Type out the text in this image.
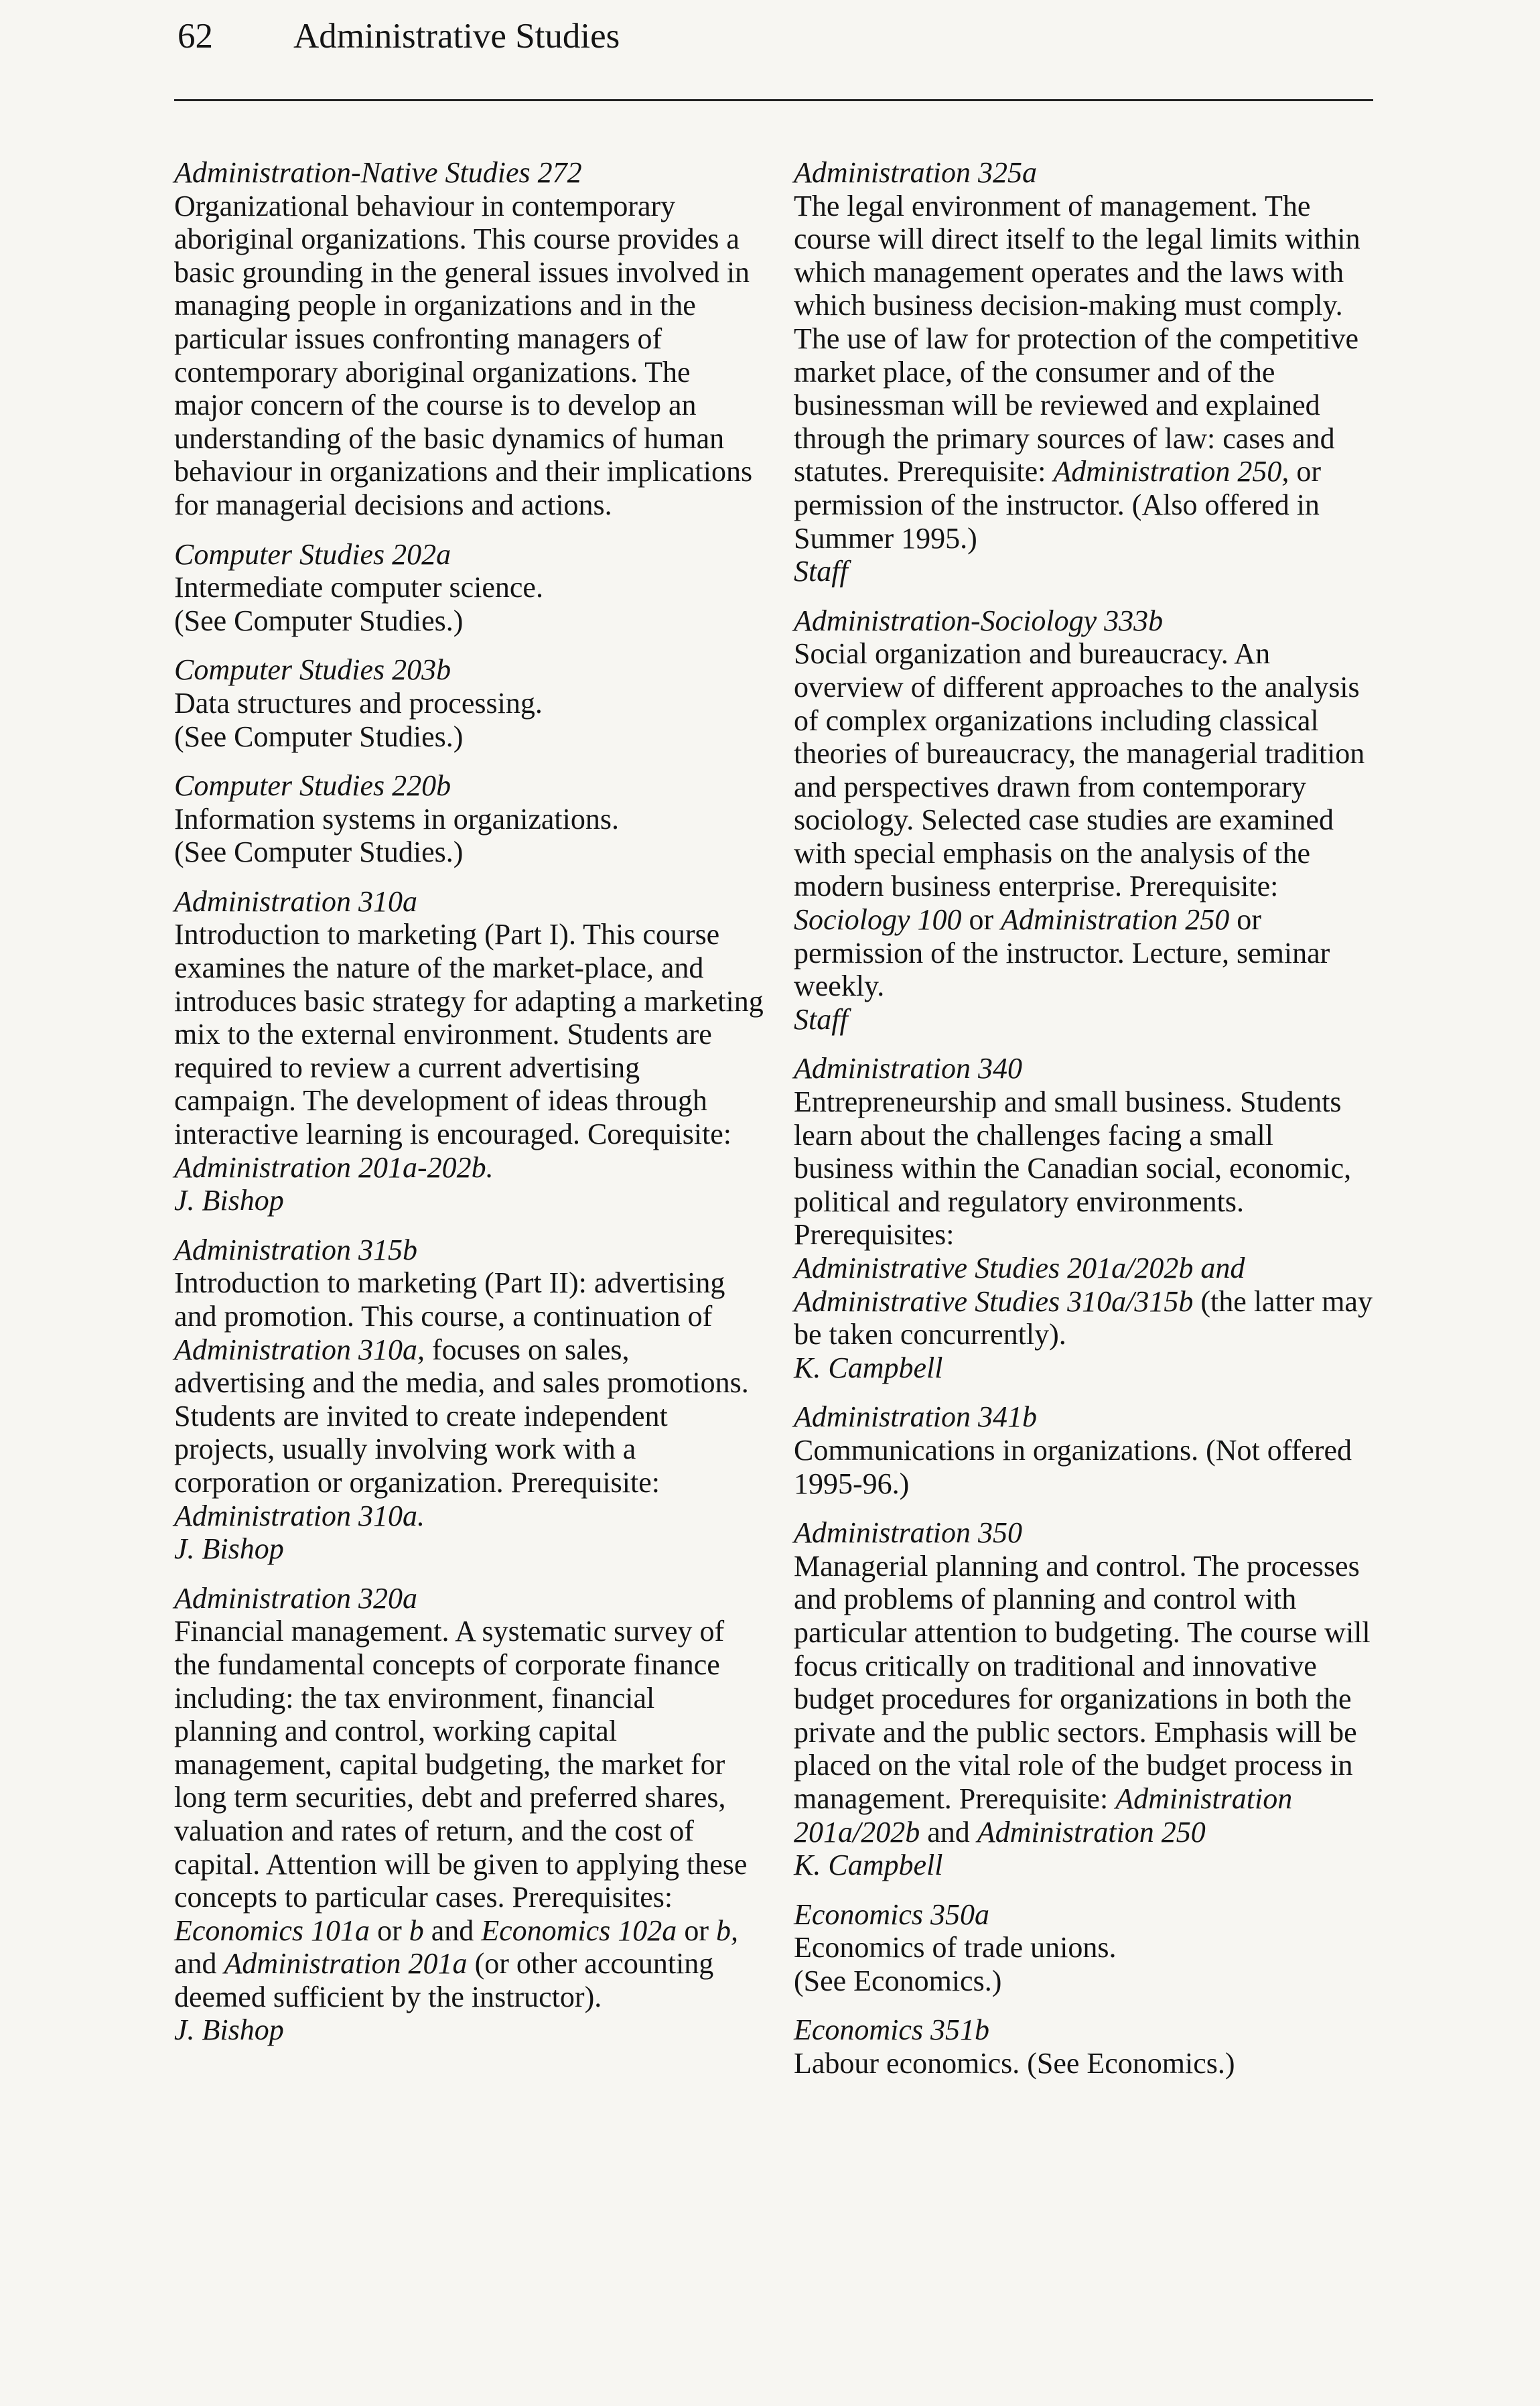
62 Administrative Studies
Administration-Native Studies 272
Organizational behaviour in contemporary aboriginal organizations. This course provides a basic grounding in the general issues involved in managing people in organizations and in the particular issues confronting managers of contemporary aboriginal organizations. The major concern of the course is to develop an understanding of the basic dynamics of human behaviour in organizations and their implications for managerial decisions and actions.
Computer Studies 202a
Intermediate computer science.
(See Computer Studies.)
Computer Studies 203b
Data structures and processing.
(See Computer Studies.)
Computer Studies 220b
Information systems in organizations.
(See Computer Studies.)
Administration 310a
Introduction to marketing (Part I). This course examines the nature of the market-place, and introduces basic strategy for adapting a marketing mix to the external environment. Students are required to review a current advertising campaign. The development of ideas through interactive learning is encouraged. Corequisite: Administration 201a-202b.
J. Bishop
Administration 315b
Introduction to marketing (Part II): advertising and promotion. This course, a continuation of Administration 310a, focuses on sales, advertising and the media, and sales promotions. Students are invited to create independent projects, usually involving work with a corporation or organization. Prerequisite:
Administration 310a.
J. Bishop
Administration 320a
Financial management. A systematic survey of the fundamental concepts of corporate finance including: the tax environment, financial planning and control, working capital management, capital budgeting, the market for long term securities, debt and preferred shares, valuation and rates of return, and the cost of capital. Attention will be given to applying these concepts to particular cases. Prerequisites: Economics 101a or b and Economics 102a or b, and Administration 201a (or other accounting deemed sufficient by the instructor).
J. Bishop
Administration 325a
The legal environment of management. The course will direct itself to the legal limits within which management operates and the laws with which business decision-making must comply. The use of law for protection of the competitive market place, of the consumer and of the businessman will be reviewed and explained through the primary sources of law: cases and statutes. Prerequisite: Administration 250, or permission of the instructor. (Also offered in Summer 1995.)
Staff
Administration-Sociology 333b
Social organization and bureaucracy. An overview of different approaches to the analysis of complex organizations including classical theories of bureaucracy, the managerial tradition and perspectives drawn from contemporary sociology. Selected case studies are examined with special emphasis on the analysis of the modern business enterprise. Prerequisite: Sociology 100 or Administration 250 or permission of the instructor. Lecture, seminar weekly.
Staff
Administration 340
Entrepreneurship and small business. Students learn about the challenges facing a small business within the Canadian social, economic, political and regulatory environments. Prerequisites:
Administrative Studies 201a/202b and Administrative Studies 310a/315b (the latter may be taken concurrently).
K. Campbell
Administration 341b
Communications in organizations. (Not offered 1995-96.)
Administration 350
Managerial planning and control. The processes and problems of planning and control with particular attention to budgeting. The course will focus critically on traditional and innovative budget procedures for organizations in both the private and the public sectors. Emphasis will be placed on the vital role of the budget process in management. Prerequisite: Administration 201a/202b and Administration 250
K. Campbell
Economics 350a
Economics of trade unions.
(See Economics.)
Economics 351b
Labour economics. (See Economics.)
